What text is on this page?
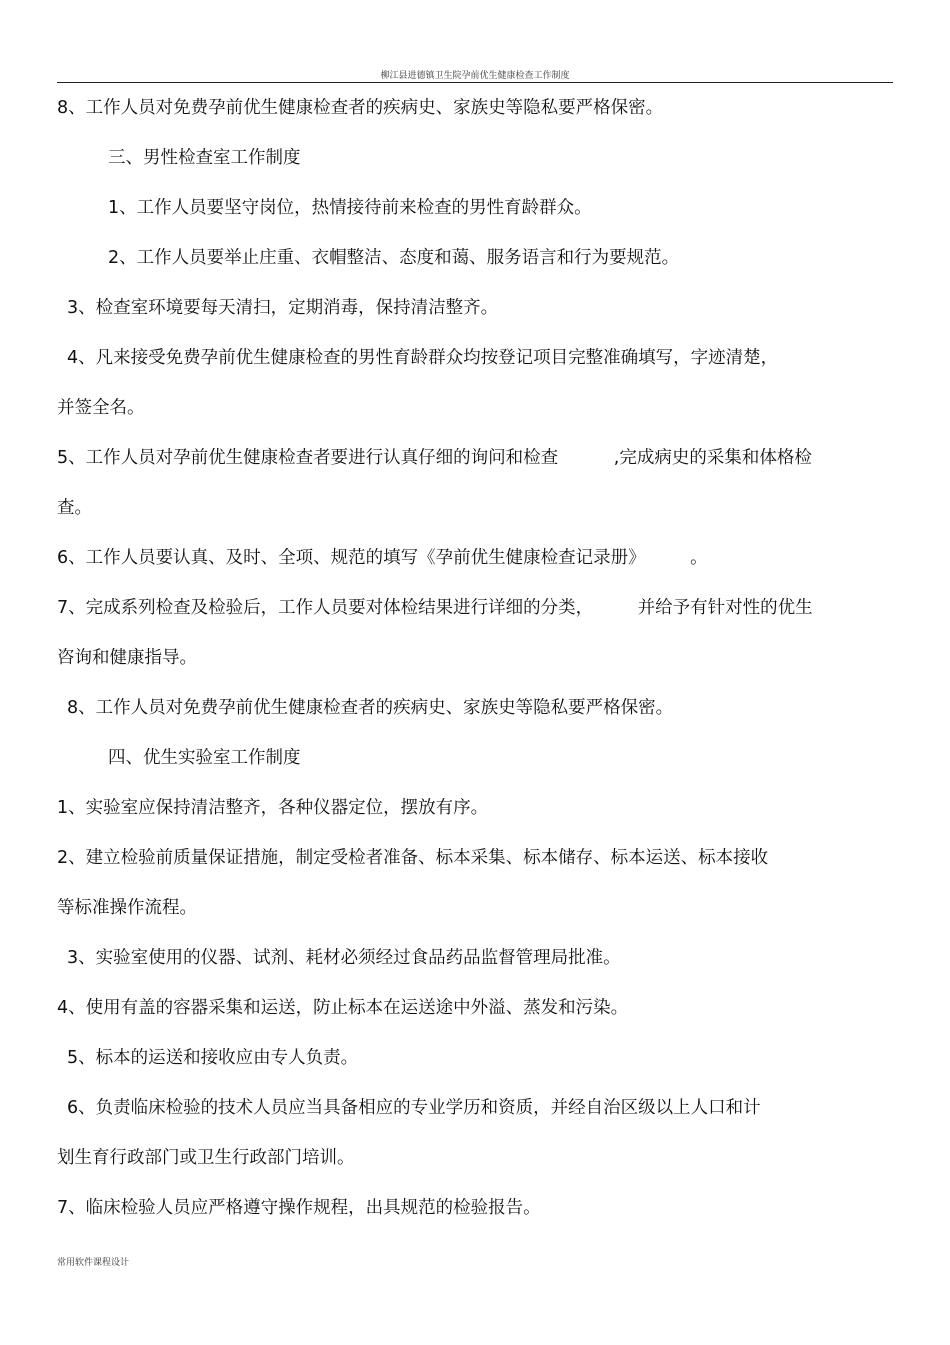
柳江县进德镇卫生院孕前优生健康检查工作制度
8、工作人员对免费孕前优生健康检查者的疾病史、家族史等隐私要严格保密。
三、男性检查室工作制度
1、工作人员要坚守岗位，热情接待前来检查的男性育龄群众。
2、工作人员要举止庄重、衣帽整洁、态度和蔼、服务语言和行为要规范。
3、检查室环境要每天清扫，定期消毒，保持清洁整齐。
4、凡来接受免费孕前优生健康检查的男性育龄群众均按登记项目完整准确填写，字迹清楚，
并签全名。
5、工作人员对孕前优生健康检查者要进行认真仔细的询问和检查          ,完成病史的采集和体格检
查。
6、工作人员要认真、及时、全项、规范的填写《孕前优生健康检查记录册》        。
7、完成系列检查及检验后，工作人员要对体检结果进行详细的分类，        并给予有针对性的优生
咨询和健康指导。
8、工作人员对免费孕前优生健康检查者的疾病史、家族史等隐私要严格保密。
四、优生实验室工作制度
1、实验室应保持清洁整齐，各种仪器定位，摆放有序。
2、建立检验前质量保证措施，制定受检者准备、标本采集、标本储存、标本运送、标本接收
等标准操作流程。
3、实验室使用的仪器、试剂、耗材必须经过食品药品监督管理局批准。
4、使用有盖的容器采集和运送，防止标本在运送途中外溢、蒸发和污染。
5、标本的运送和接收应由专人负责。
6、负责临床检验的技术人员应当具备相应的专业学历和资质，并经自治区级以上人口和计
划生育行政部门或卫生行政部门培训。
7、临床检验人员应严格遵守操作规程，出具规范的检验报告。
常用软件课程设计
